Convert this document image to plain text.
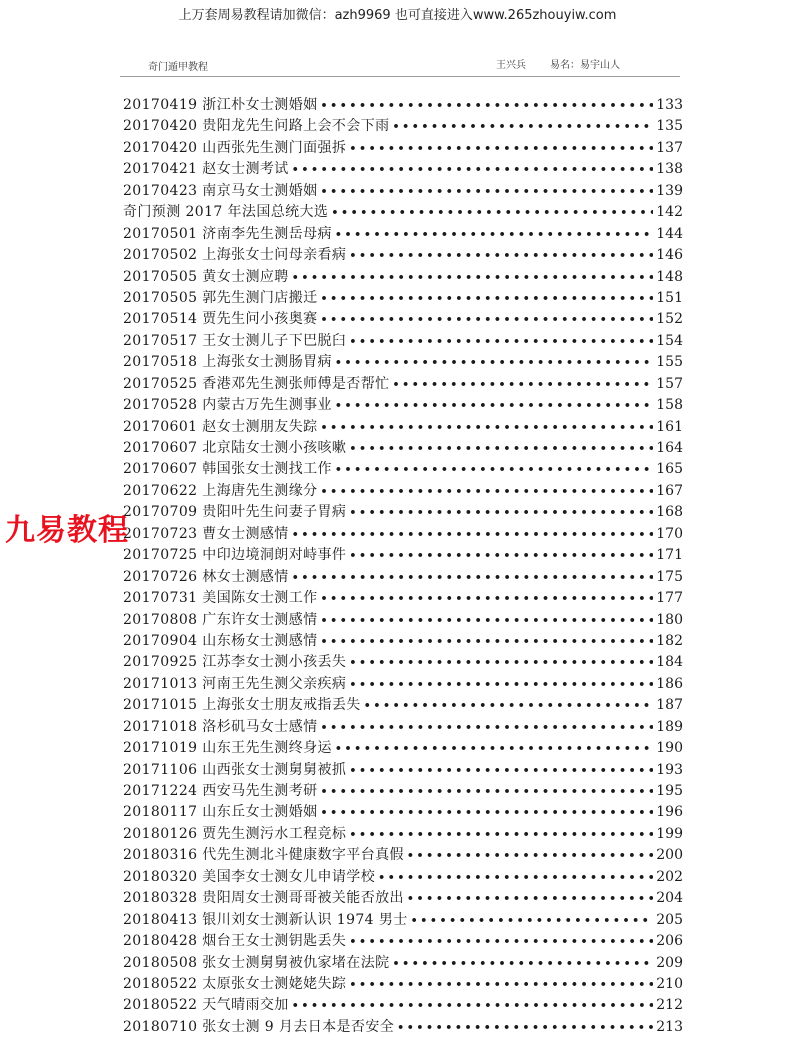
上万套周易教程请加微信：azh9969 也可直接进入www.265zhouyiw.com
奇门遁甲教程	王兴兵 易名：易宇山人
20170419 浙江朴女士测婚姻 •••••	133
20170420 贵阳龙先生问路上会不会下雨 •••••	135
20170420 山西张先生测门面强拆 •••••	137
20170421 赵女士测考试 •••••	138
20170423 南京马女士测婚姻 •••••	139
奇门预测 2017 年法国总统大选 •••••	142
20170501 济南李先生测岳母病 •••••	144
20170502 上海张女士问母亲看病 •••••	146
20170505 黄女士测应聘 •••••	148
20170505 郭先生测门店搬迁 •••••	151
20170514 贾先生问小孩奥赛 •••••	152
20170517 王女士测儿子下巴脱臼 •••••	154
20170518 上海张女士测肠胃病 •••••	155
20170525 香港邓先生测张师傅是否帮忙 •••••	157
20170528 内蒙古万先生测事业 •••••	158
20170601 赵女士测朋友失踪 •••••	161
20170607 北京陆女士测小孩咳嗽 •••••	164
20170607 韩国张女士测找工作 •••••	165
20170622 上海唐先生测缘分 •••••	167
20170709 贵阳叶先生问妻子胃病 •••••	168
20170723 曹女士测感情 •••••	170
20170725 中印边境洞朗对峙事件 •••••	171
20170726 林女士测感情 •••••	175
20170731 美国陈女士测工作 •••••	177
20170808 广东许女士测感情 •••••	180
20170904 山东杨女士测感情 •••••	182
20170925 江苏李女士测小孩丢失 •••••	184
20171013 河南王先生测父亲疾病 •••••	186
20171015 上海张女士朋友戒指丢失 •••••	187
20171018 洛杉矶马女士感情 •••••	189
20171019 山东王先生测终身运 •••••	190
20171106 山西张女士测舅舅被抓 •••••	193
20171224 西安马先生测考研 •••••	195
20180117 山东丘女士测婚姻 •••••	196
20180126 贾先生测污水工程竞标 •••••	199
20180316 代先生测北斗健康数字平台真假 •••••	200
20180320 美国李女士测女儿申请学校 •••••	202
20180328 贵阳周女士测哥哥被关能否放出 •••••	204
20180413 银川刘女士测新认识 1974 男士 •••••	205
20180428 烟台王女士测钥匙丢失 •••••	206
20180508 张女士测舅舅被仇家堵在法院 •••••	209
20180522 太原张女士测姥姥失踪 •••••	210
20180522 天气晴雨交加 •••••	212
20180710 张女士测 9 月去日本是否安全 •••••	213
九易教程
